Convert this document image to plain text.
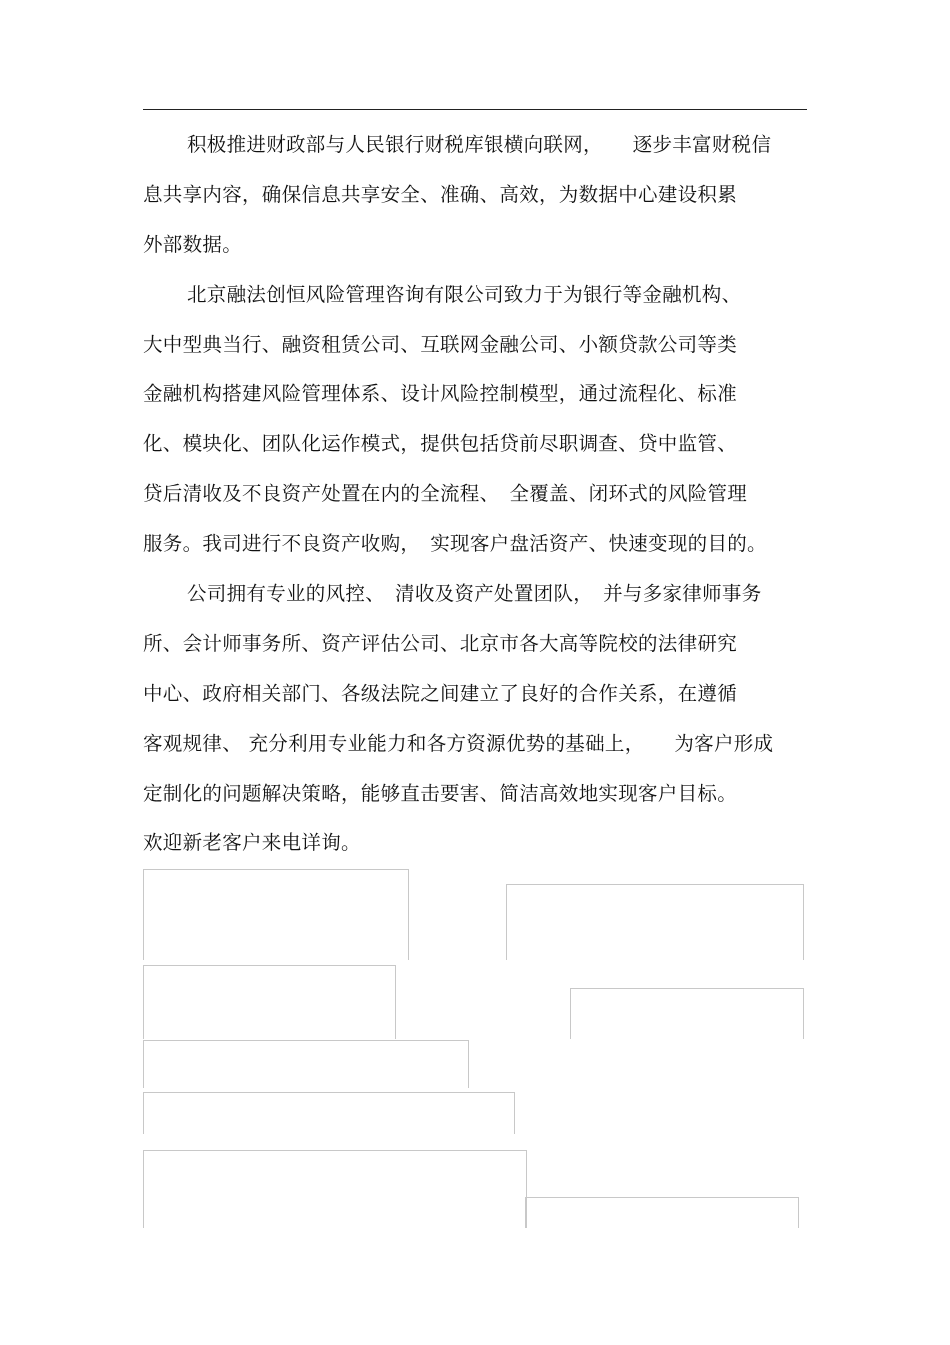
积极推进财政部与人民银行财税库银横向联网，　　逐步丰富财税信
息共享内容，确保信息共享安全、准确、高效，为数据中心建设积累
外部数据。
北京融法创恒风险管理咨询有限公司致力于为银行等金融机构、
大中型典当行、融资租赁公司、互联网金融公司、小额贷款公司等类
金融机构搭建风险管理体系、设计风险控制模型，通过流程化、标准
化、模块化、团队化运作模式，提供包括贷前尽职调查、贷中监管、
贷后清收及不良资产处置在内的全流程、　全覆盖、闭环式的风险管理
服务。我司进行不良资产收购，　实现客户盘活资产、快速变现的目的。
公司拥有专业的风控、　清收及资产处置团队，　并与多家律师事务
所、会计师事务所、资产评估公司、北京市各大高等院校的法律研究
中心、政府相关部门、各级法院之间建立了良好的合作关系，在遵循
客观规律、 充分利用专业能力和各方资源优势的基础上，　　为客户形成
定制化的问题解决策略，能够直击要害、简洁高效地实现客户目标。
欢迎新老客户来电详询。
